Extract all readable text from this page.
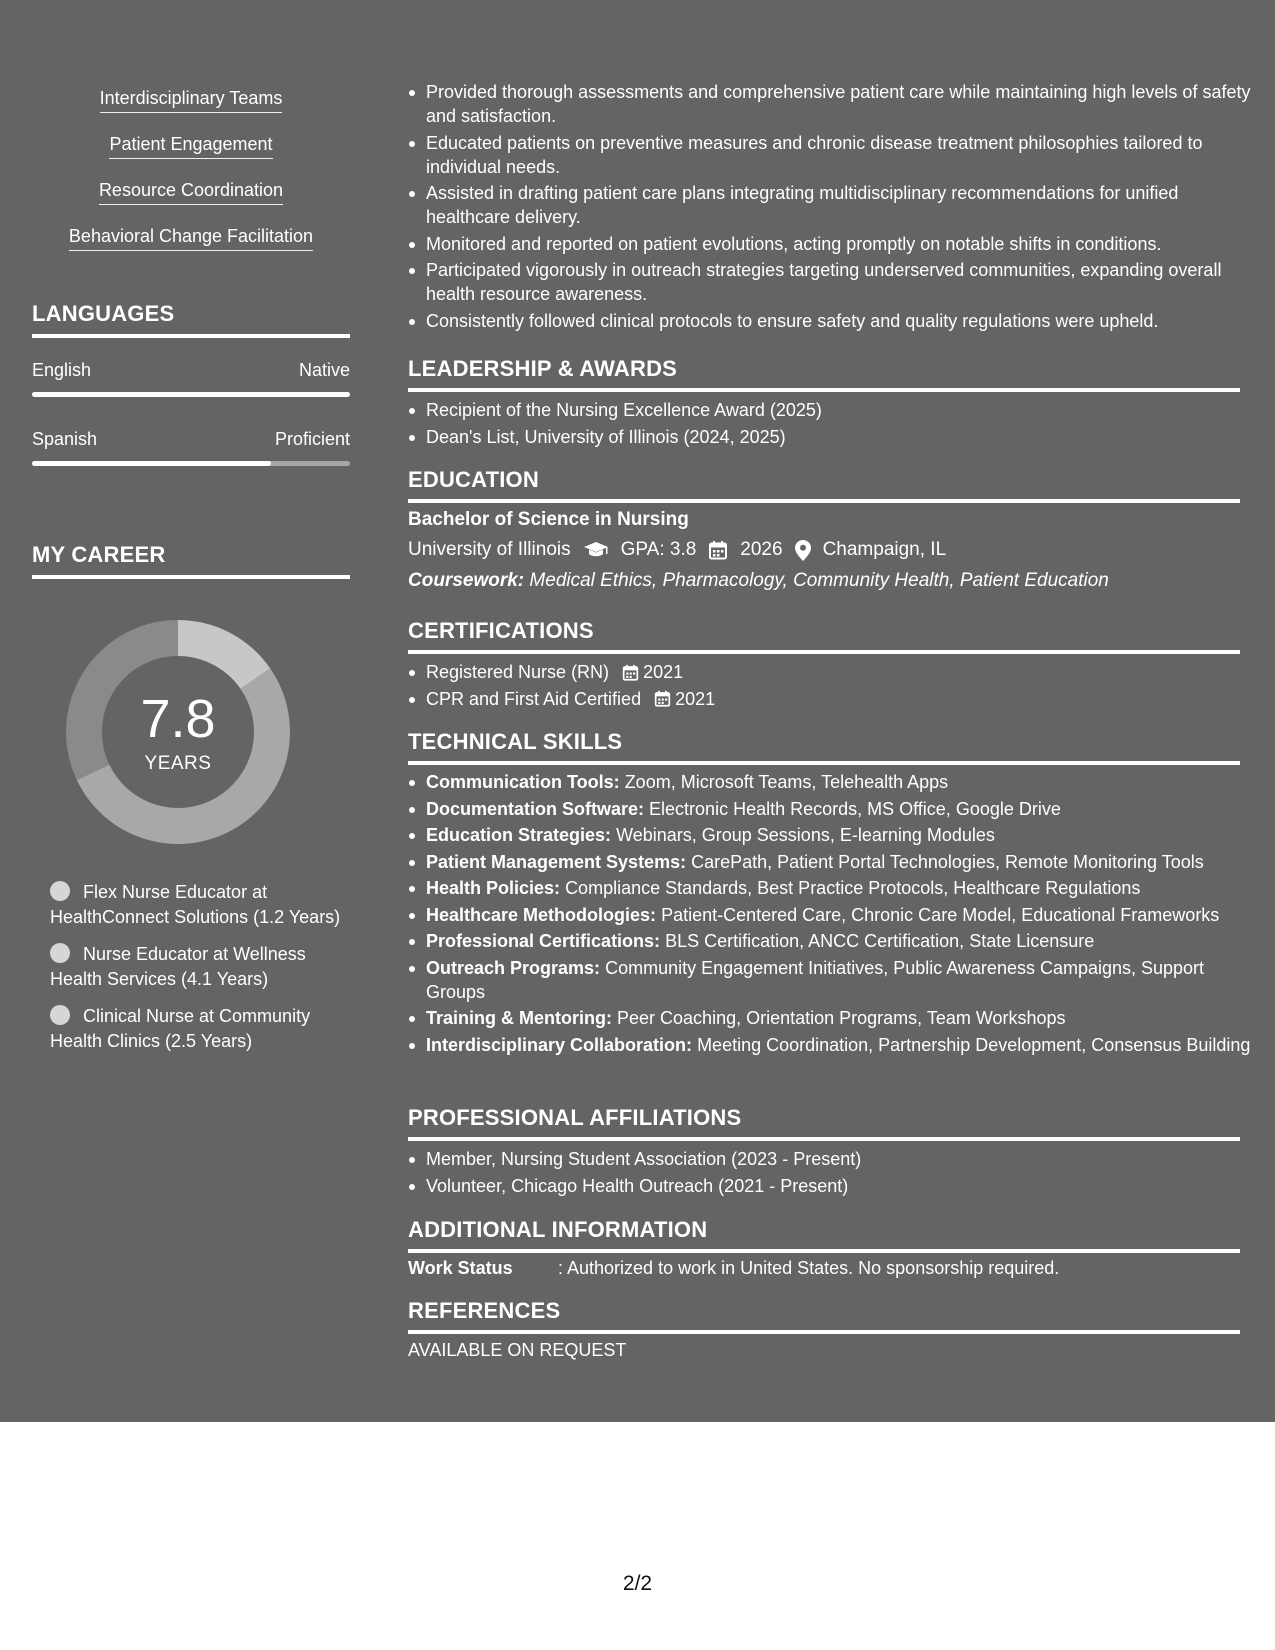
Interdisciplinary Teams
Patient Engagement
Resource Coordination
Behavioral Change Facilitation
LANGUAGES
English	Native
Spanish	Proficient
MY CAREER
7.8
YEARS
Flex Nurse Educator at HealthConnect Solutions (1.2 Years)
Nurse Educator at Wellness Health Services (4.1 Years)
Clinical Nurse at Community Health Clinics (2.5 Years)
Provided thorough assessments and comprehensive patient care while maintaining high levels of safety and satisfaction.
Educated patients on preventive measures and chronic disease treatment philosophies tailored to individual needs.
Assisted in drafting patient care plans integrating multidisciplinary recommendations for unified healthcare delivery.
Monitored and reported on patient evolutions, acting promptly on notable shifts in conditions.
Participated vigorously in outreach strategies targeting underserved communities, expanding overall health resource awareness.
Consistently followed clinical protocols to ensure safety and quality regulations were upheld.
LEADERSHIP & AWARDS
Recipient of the Nursing Excellence Award (2025)
Dean's List, University of Illinois (2024, 2025)
EDUCATION
Bachelor of Science in Nursing
University of Illinois	GPA: 3.8 2026 Champaign, IL
Coursework: Medical Ethics, Pharmacology, Community Health, Patient Education
CERTIFICATIONS
Registered Nurse (RN) 2021
CPR and First Aid Certified 2021
TECHNICAL SKILLS
Communication Tools: Zoom, Microsoft Teams, Telehealth Apps
Documentation Software: Electronic Health Records, MS Office, Google Drive
Education Strategies: Webinars, Group Sessions, E-learning Modules
Patient Management Systems: CarePath, Patient Portal Technologies, Remote Monitoring Tools
Health Policies: Compliance Standards, Best Practice Protocols, Healthcare Regulations
Healthcare Methodologies: Patient-Centered Care, Chronic Care Model, Educational Frameworks
Professional Certifications: BLS Certification, ANCC Certification, State Licensure
Outreach Programs: Community Engagement Initiatives, Public Awareness Campaigns, Support Groups
Training & Mentoring: Peer Coaching, Orientation Programs, Team Workshops
Interdisciplinary Collaboration: Meeting Coordination, Partnership Development, Consensus Building
PROFESSIONAL AFFILIATIONS
Member, Nursing Student Association (2023 - Present)
Volunteer, Chicago Health Outreach (2021 - Present)
ADDITIONAL INFORMATION
Work Status	: Authorized to work in United States. No sponsorship required.
REFERENCES
AVAILABLE ON REQUEST
2/2
